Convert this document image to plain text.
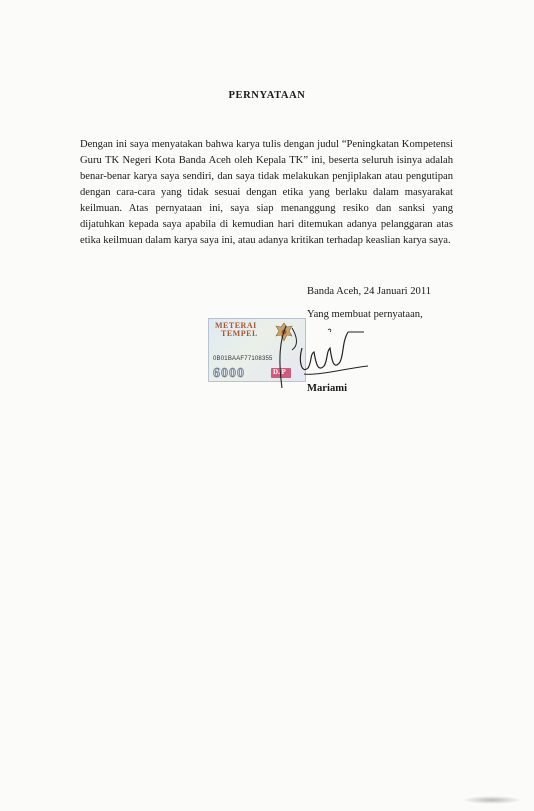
PERNYATAAN
Dengan ini saya menyatakan bahwa karya tulis dengan judul “Peningkatan Kompetensi Guru TK Negeri Kota Banda Aceh oleh Kepala TK” ini, beserta seluruh isinya adalah benar-benar karya saya sendiri, dan saya tidak melakukan penjiplakan atau pengutipan dengan cara-cara yang tidak sesuai dengan etika yang berlaku dalam masyarakat keilmuan. Atas pernyataan ini, saya siap menanggung resiko dan sanksi yang dijatuhkan kepada saya apabila di kemudian hari ditemukan adanya pelanggaran atas etika keilmuan dalam karya saya ini, atau adanya kritikan terhadap keaslian karya saya.
Banda Aceh, 24 Januari 2011
Yang membuat pernyataan,
METERAI
TEMPEL
0B01BAAF77108355
6000	DJP
Mariami
